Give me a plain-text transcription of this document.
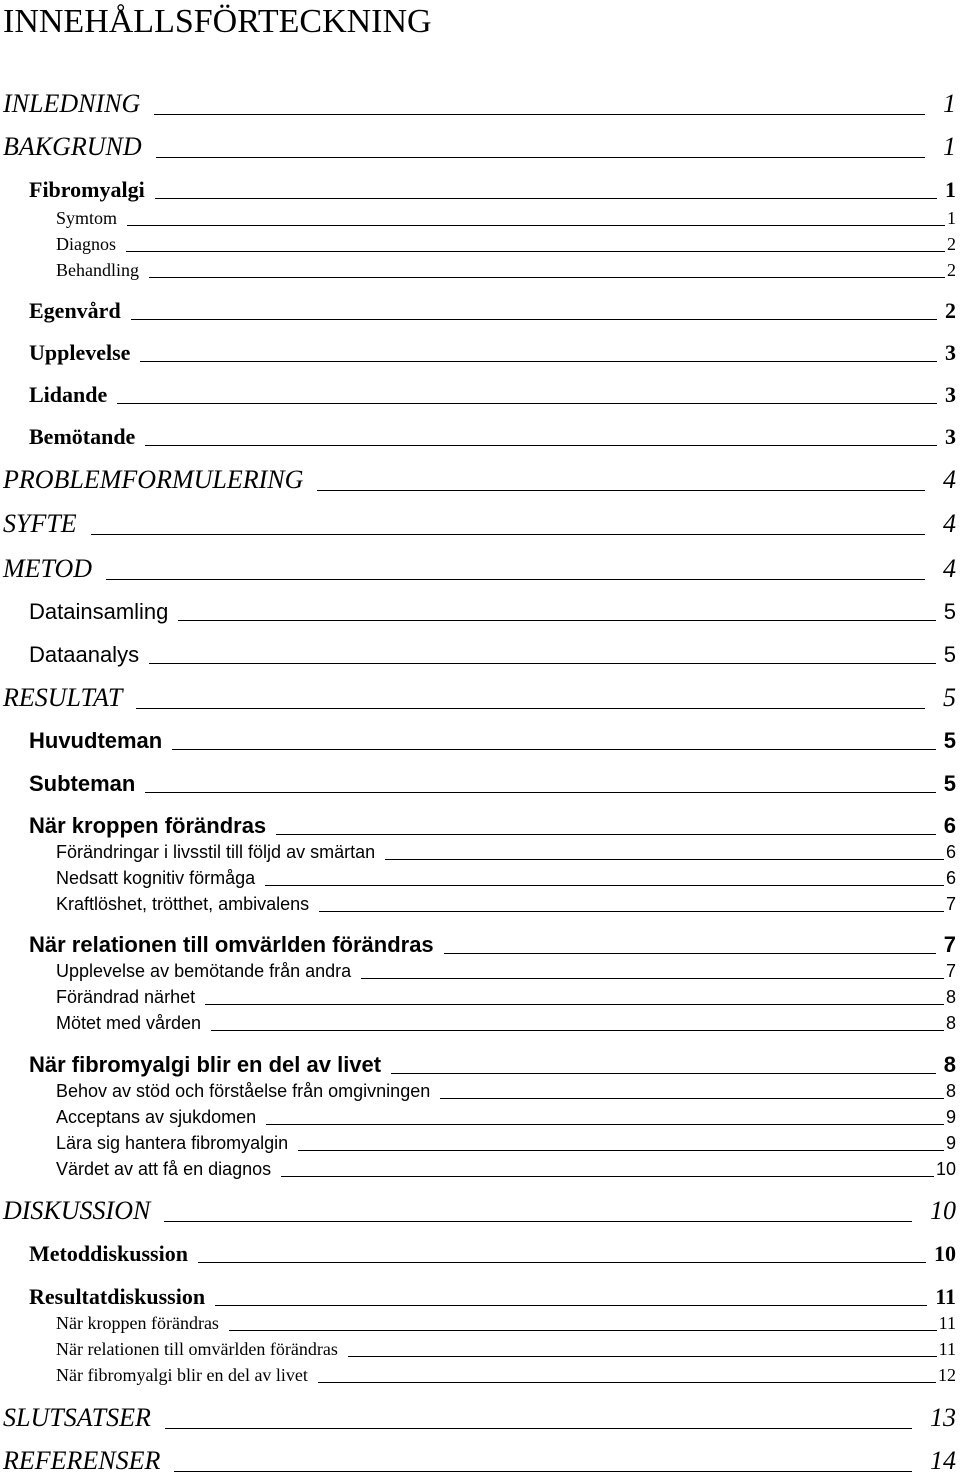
INNEHÅLLSFÖRTECKNING
INLEDNING	1
BAKGRUND	1
Fibromyalgi	1
Symtom	1
Diagnos	2
Behandling	2
Egenvård	2
Upplevelse	3
Lidande	3
Bemötande	3
PROBLEMFORMULERING	4
SYFTE	4
METOD	4
Datainsamling	5
Dataanalys	5
RESULTAT	5
Huvudteman	5
Subteman	5
När kroppen förändras	6
Förändringar i livsstil till följd av smärtan	6
Nedsatt kognitiv förmåga	6
Kraftlöshet, trötthet, ambivalens	7
När relationen till omvärlden förändras	7
Upplevelse av bemötande från andra	7
Förändrad närhet	8
Mötet med vården	8
När fibromyalgi blir en del av livet	8
Behov av stöd och förståelse från omgivningen	8
Acceptans av sjukdomen	9
Lära sig hantera fibromyalgin	9
Värdet av att få en diagnos	10
DISKUSSION	10
Metoddiskussion	10
Resultatdiskussion	11
När kroppen förändras	11
När relationen till omvärlden förändras	11
När fibromyalgi blir en del av livet	12
SLUTSATSER	13
REFERENSER	14
